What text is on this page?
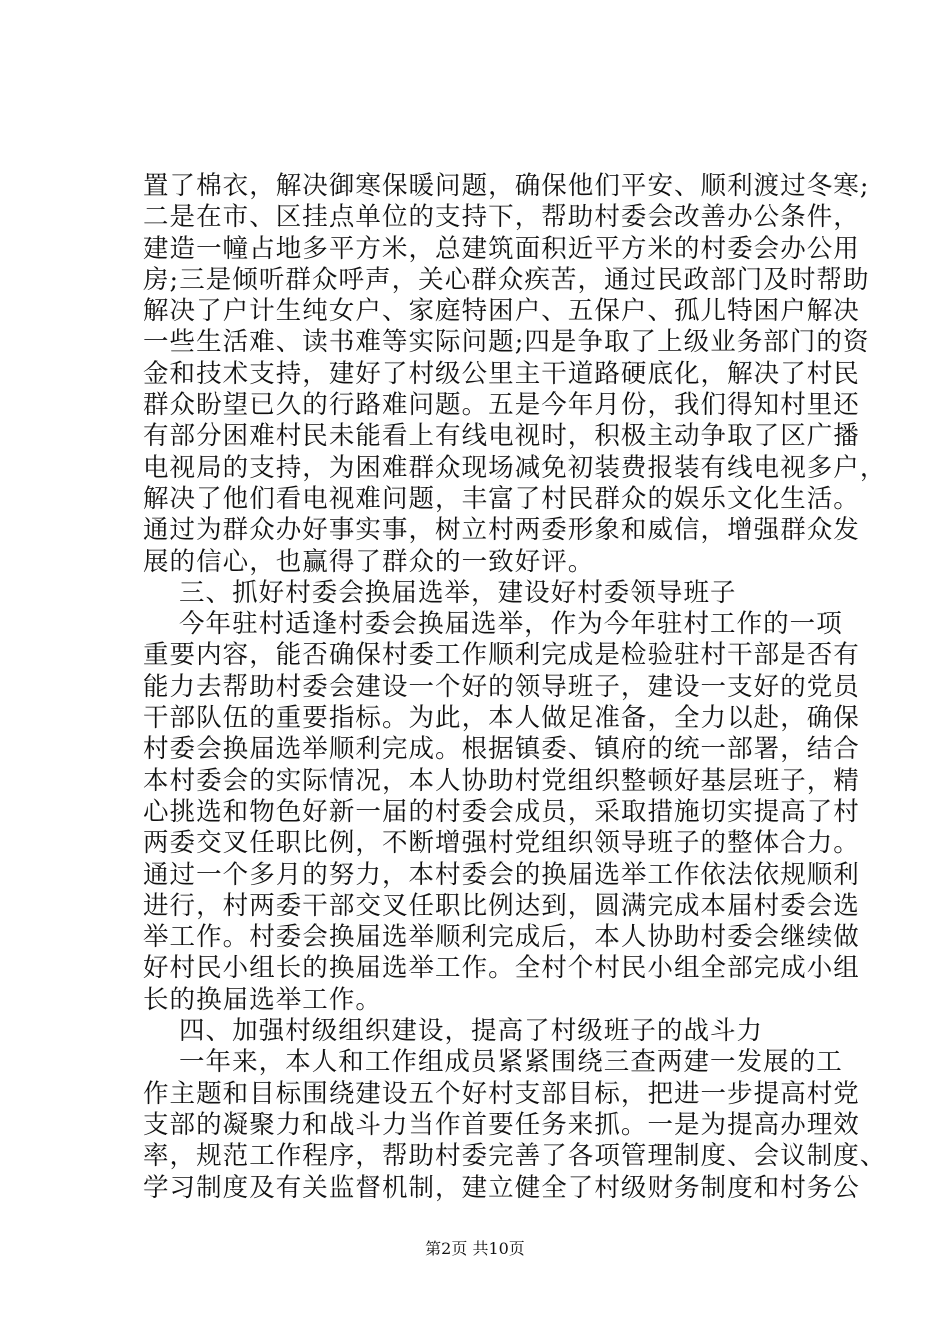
置了棉衣，解决御寒保暖问题，确保他们平安、顺利渡过冬寒;
二是在市、区挂点单位的支持下，帮助村委会改善办公条件，
建造一幢占地多平方米，总建筑面积近平方米的村委会办公用
房;三是倾听群众呼声，关心群众疾苦，通过民政部门及时帮助
解决了户计生纯女户、家庭特困户、五保户、孤儿特困户解决
一些生活难、读书难等实际问题;四是争取了上级业务部门的资
金和技术支持，建好了村级公里主干道路硬底化，解决了村民
群众盼望已久的行路难问题。五是今年月份，我们得知村里还
有部分困难村民未能看上有线电视时，积极主动争取了区广播
电视局的支持，为困难群众现场减免初装费报装有线电视多户，
解决了他们看电视难问题，丰富了村民群众的娱乐文化生活。
通过为群众办好事实事，树立村两委形象和威信，增强群众发
展的信心，也赢得了群众的一致好评。
三、抓好村委会换届选举，建设好村委领导班子
今年驻村适逢村委会换届选举，作为今年驻村工作的一项
重要内容，能否确保村委工作顺利完成是检验驻村干部是否有
能力去帮助村委会建设一个好的领导班子，建设一支好的党员
干部队伍的重要指标。为此，本人做足准备，全力以赴，确保
村委会换届选举顺利完成。根据镇委、镇府的统一部署，结合
本村委会的实际情况，本人协助村党组织整顿好基层班子，精
心挑选和物色好新一届的村委会成员，采取措施切实提高了村
两委交叉任职比例，不断增强村党组织领导班子的整体合力。
通过一个多月的努力，本村委会的换届选举工作依法依规顺利
进行，村两委干部交叉任职比例达到，圆满完成本届村委会选
举工作。村委会换届选举顺利完成后，本人协助村委会继续做
好村民小组长的换届选举工作。全村个村民小组全部完成小组
长的换届选举工作。
四、加强村级组织建设，提高了村级班子的战斗力
一年来，本人和工作组成员紧紧围绕三查两建一发展的工
作主题和目标围绕建设五个好村支部目标，把进一步提高村党
支部的凝聚力和战斗力当作首要任务来抓。一是为提高办理效
率，规范工作程序，帮助村委完善了各项管理制度、会议制度、
学习制度及有关监督机制，建立健全了村级财务制度和村务公
第2页 共10页
